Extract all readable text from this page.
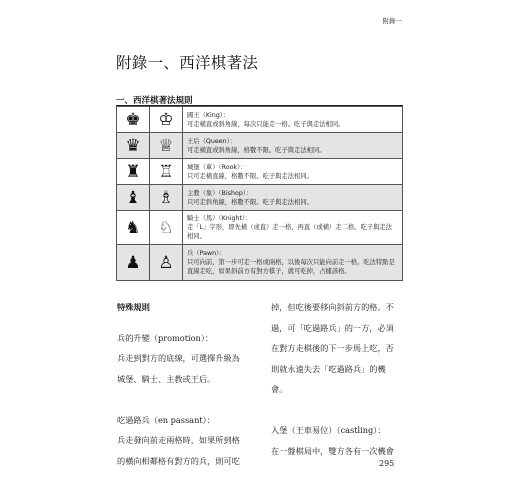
附錄一
附錄一、西洋棋著法
一、西洋棋著法規則
♚	♔	國王（King）：
可走橫直或斜角線，每次只能走一格。吃子與走法相同。

♛	♕	王后（Queen）：
可走橫直或斜角線，格數不限。吃子與走法相同。

♜	♖	城堡（車）（Rook）：
只可走橫直線，格數不限。吃子與走法相同。

♝	♗	主教（象）（Bishop）：
只可走斜角線，格數不限。吃子與走法相同。

♞	♘	騎士（馬）（Knight）：
走「L」字形，即先橫（或直）走一格，再直（或橫）走二格。吃子與走法相同。

♟	♙	兵（Pawn）：
只可向前，第一步可走一格或兩格，以後每次只能向前走一格。吃法特點是直線走吃，如果斜前方有對方棋子，就可吃掉，占據該格。

特殊規則

兵的升變（promotion）：

兵走到對方的底線，可選擇升級為

城堡、騎士、主教或王后。

吃過路兵（en passant）：

兵走發向前走兩格時，如果所到格

的橫向相鄰格有對方的兵，則可吃

掉，但吃後要移向斜前方的格。不

過，可「吃過路兵」的一方，必須

在對方走棋後的下一步馬上吃，否

則就永遠失去「吃過路兵」的機

會。

入堡（王車易位）（castling）：

在一盤棋局中，雙方各有一次機會

295
